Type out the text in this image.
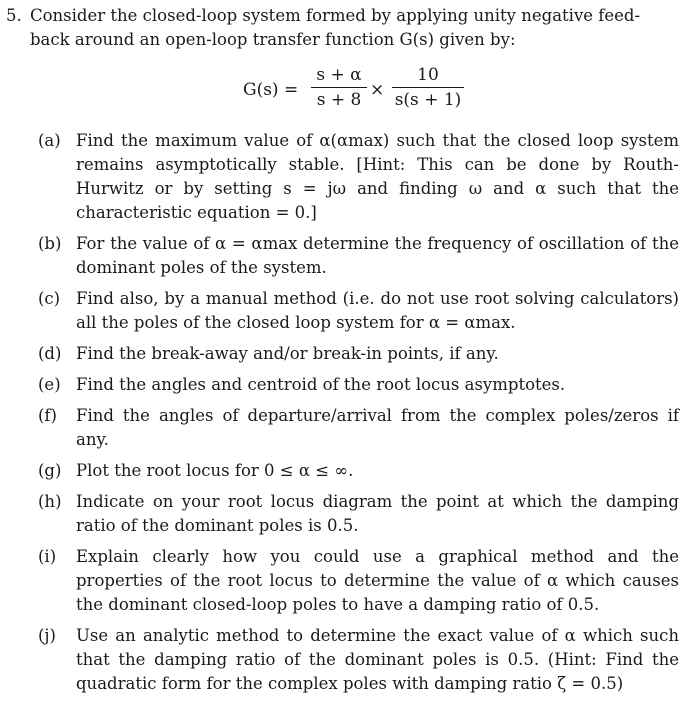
5. Consider the closed-loop system formed by applying unity negative feed-
back around an open-loop transfer function G(s) given by:
G(s) =
s + α
s + 8 ×
10
s(s + 1)
(a) Find the maximum value of α(αmax) such that the closed loop system remains asymptotically stable. [Hint: This can be done by Routh-Hurwitz or by setting s = jω and finding ω and α such that the characteristic equation = 0.]
(b) For the value of α = αmax determine the frequency of oscillation of the dominant poles of the system.
(c) Find also, by a manual method (i.e. do not use root solving calculators) all the poles of the closed loop system for α = αmax.
(d) Find the break-away and/or break-in points, if any.
(e) Find the angles and centroid of the root locus asymptotes.
(f) Find the angles of departure/arrival from the complex poles/zeros if any.
(g) Plot the root locus for 0 ≤ α ≤ ∞.
(h) Indicate on your root locus diagram the point at which the damping ratio of the dominant poles is 0.5.
(i) Explain clearly how you could use a graphical method and the properties of the root locus to determine the value of α which causes the dominant closed-loop poles to have a damping ratio of 0.5.
(j) Use an analytic method to determine the exact value of α which such that the damping ratio of the dominant poles is 0.5. (Hint: Find the quadratic form for the complex poles with damping ratio ζ = 0.5)
